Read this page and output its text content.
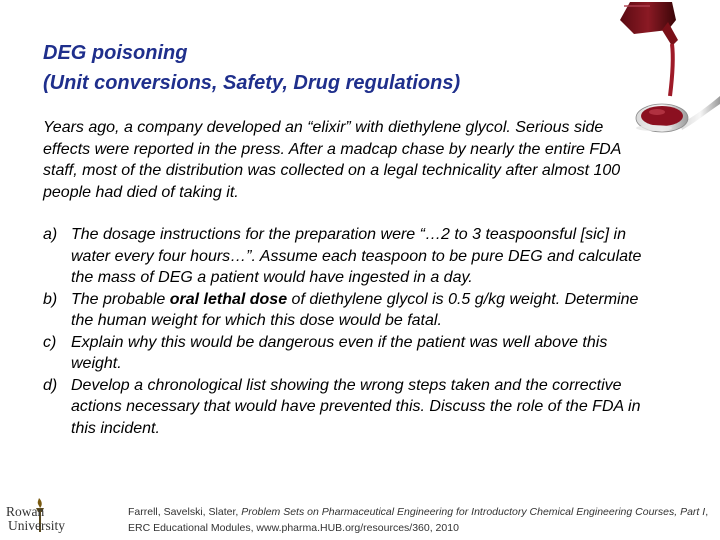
DEG poisoning
(Unit conversions, Safety, Drug regulations)
Years ago, a company developed an “elixir” with diethylene glycol. Serious side effects were reported in the press. After a madcap chase by nearly the entire FDA staff, most of the distribution was collected on a legal technicality after almost 100 people had died of taking it.
a) The dosage instructions for the preparation were “…2 to 3 teaspoonsful [sic] in water every four hours…”. Assume each teaspoon to be pure DEG and calculate the mass of DEG a patient would have ingested in a day.
b) The probable oral lethal dose of diethylene glycol is 0.5 g/kg weight. Determine the human weight for which this dose would be fatal.
c) Explain why this would be dangerous even if the patient was well above this weight.
d) Develop a chronological list showing the wrong steps taken and the corrective actions necessary that would have prevented this. Discuss the role of the FDA in this incident.
Rowan
University
Farrell, Savelski, Slater, Problem Sets on Pharmaceutical Engineering for Introductory Chemical Engineering Courses, Part I, ERC Educational Modules, www.pharma.HUB.org/resources/360, 2010
